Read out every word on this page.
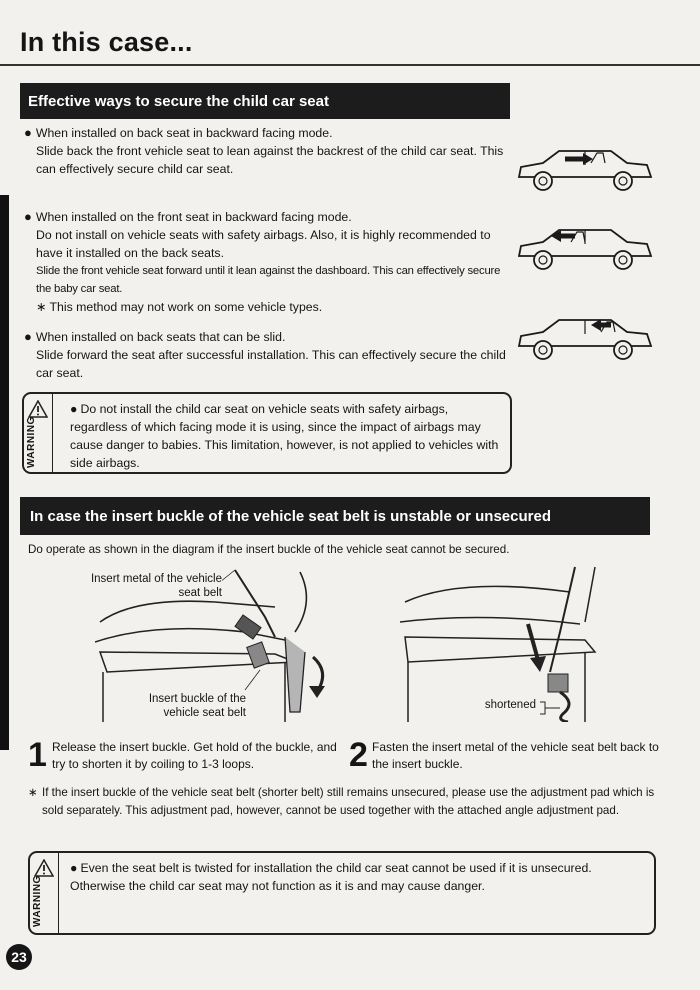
In this case...
Effective ways to secure the child car seat
● When installed on back seat in backward facing mode.
Slide back the front vehicle seat to lean against the backrest of the child car seat. This can effectively secure child car seat.
● When installed on the front seat in backward facing mode.
Do not install on vehicle seats with safety airbags. Also, it is highly recommended to have it installed on the back seats.
Slide the front vehicle seat forward until it lean against the dashboard. This can effectively secure the baby car seat.
∗ This method may not work on some vehicle types.
● When installed on back seats that can be slid.
Slide forward the seat after successful installation. This can effectively secure the child car seat.
WARNING
● Do not install the child car seat on vehicle seats with safety airbags, regardless of which facing mode it is using, since the impact of airbags may cause danger to babies. This limitation, however, is not applied to vehicles with side airbags.
In case the insert buckle of the vehicle seat belt is unstable or unsecured
Do operate as shown in the diagram if the insert buckle of the vehicle seat cannot be secured.
Insert metal of the vehicle seat belt
Insert buckle of the vehicle seat belt
shortened
1 Release the insert buckle. Get hold of the buckle, and try to shorten it by coiling to 1-3 loops.	2 Fasten the insert metal of the vehicle seat belt back to the insert buckle.
∗ If the insert buckle of the vehicle seat belt (shorter belt) still remains unsecured, please use the adjustment pad which is sold separately. This adjustment pad, however, cannot be used together with the attached angle adjustment pad.
WARNING
● Even the seat belt is twisted for installation the child car seat cannot be used if it is unsecured. Otherwise the child car seat may not function as it is and may cause danger.
23
